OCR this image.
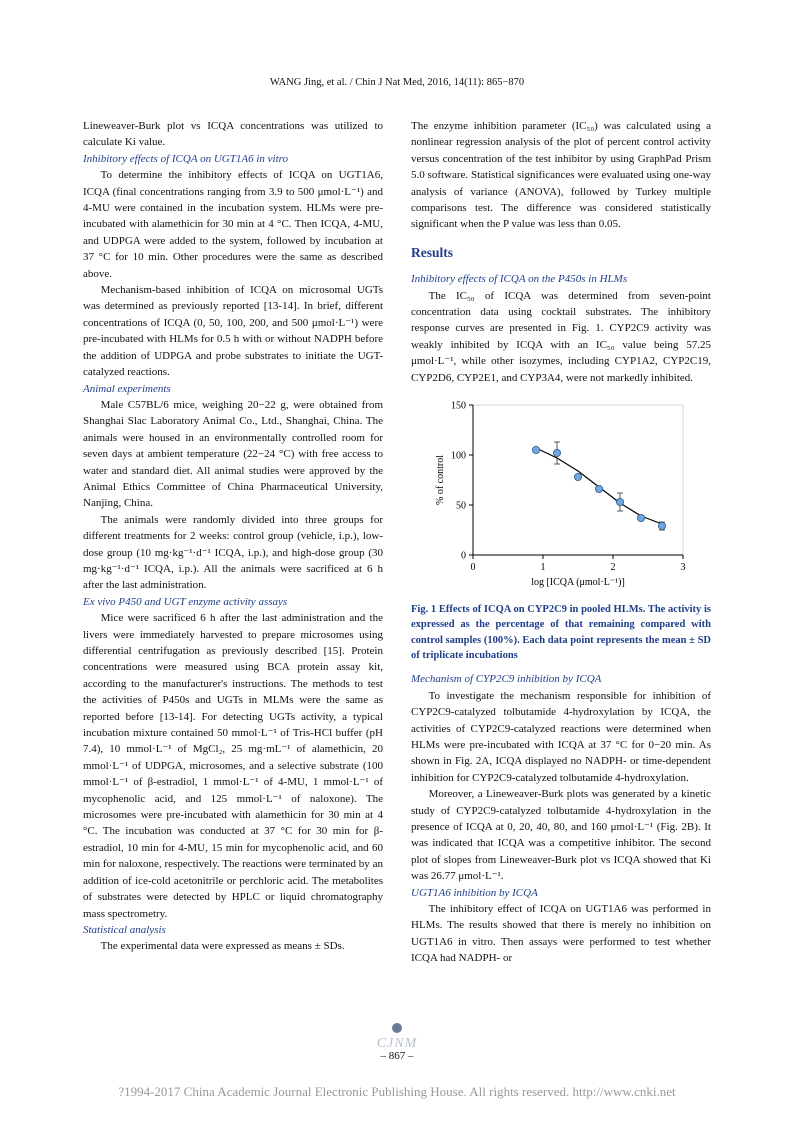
WANG Jing, et al. / Chin J Nat Med, 2016, 14(11): 865−870

Lineweaver-Burk plot vs ICQA concentrations was utilized to calculate Ki value.

Inhibitory effects of ICQA on UGT1A6 in vitro

To determine the inhibitory effects of ICQA on UGT1A6, ICQA (final concentrations ranging from 3.9 to 500 μmol·L⁻¹) and 4-MU were contained in the incubation system. HLMs were pre-incubated with alamethicin for 30 min at 4 °C. Then ICQA, 4-MU, and UDPGA were added to the system, followed by incubation at 37 °C for 10 min. Other procedures were the same as described above.

Mechanism-based inhibition of ICQA on microsomal UGTs was determined as previously reported [13-14]. In brief, different concentrations of ICQA (0, 50, 100, 200, and 500 μmol·L⁻¹) were pre-incubated with HLMs for 0.5 h with or without NADPH before the addition of UDPGA and probe substrates to initiate the UGT-catalyzed reactions.

Animal experiments

Male C57BL/6 mice, weighing 20−22 g, were obtained from Shanghai Slac Laboratory Animal Co., Ltd., Shanghai, China. The animals were housed in an environmentally controlled room for seven days at ambient temperature (22−24 °C) with free access to water and standard diet. All animal studies were approved by the Animal Ethics Committee of China Pharmaceutical University, Nanjing, China.

The animals were randomly divided into three groups for different treatments for 2 weeks: control group (vehicle, i.p.), low-dose group (10 mg·kg⁻¹·d⁻¹ ICQA, i.p.), and high-dose group (30 mg·kg⁻¹·d⁻¹ ICQA, i.p.). All the animals were sacrificed at 6 h after the last administration.

Ex vivo P450 and UGT enzyme activity assays

Mice were sacrificed 6 h after the last administration and the livers were immediately harvested to prepare microsomes using differential centrifugation as previously described [15]. Protein concentrations were measured using BCA protein assay kit, according to the manufacturer's instructions. The methods to test the activities of P450s and UGTs in MLMs were the same as reported before [13-14]. For detecting UGTs activity, a typical incubation mixture contained 50 mmol·L⁻¹ of Tris-HCl buffer (pH 7.4), 10 mmol·L⁻¹ of MgCl₂, 25 mg·mL⁻¹ of alamethicin, 20 mmol·L⁻¹ of UDPGA, microsomes, and a selective substrate (100 mmol·L⁻¹ of β-estradiol, 1 mmol·L⁻¹ of 4-MU, 1 mmol·L⁻¹ of mycophenolic acid, and 125 mmol·L⁻¹ of naloxone). The microsomes were pre-incubated with alamethicin for 30 min at 4 °C. The incubation was conducted at 37 °C for 30 min for β-estradiol, 10 min for 4-MU, 15 min for mycophenolic acid, and 60 min for naloxone, respectively. The reactions were terminated by an addition of ice-cold acetonitrile or perchloric acid. The metabolites of substrates were detected by HPLC or liquid chromatography mass spectrometry.

Statistical analysis

The experimental data were expressed as means ± SDs.

The enzyme inhibition parameter (IC₅₀) was calculated using a nonlinear regression analysis of the plot of percent control activity versus concentration of the test inhibitor by using GraphPad Prism 5.0 software. Statistical significances were evaluated using one-way analysis of variance (ANOVA), followed by Turkey multiple comparisons test. The difference was considered statistically significant when the P value was less than 0.05.

Results

Inhibitory effects of ICQA on the P450s in HLMs

The IC₅₀ of ICQA was determined from seven-point concentration data using cocktail substrates. The inhibitory response curves are presented in Fig. 1. CYP2C9 activity was weakly inhibited by ICQA with an IC₅₀ value being 57.25 μmol·L⁻¹, while other isozymes, including CYP1A2, CYP2C19, CYP2D6, CYP2E1, and CYP3A4, were not markedly inhibited.

0
50
100
150
0	1	2	3
log [ICQA (μmol·L⁻¹)]
% of control

Fig. 1 Effects of ICQA on CYP2C9 in pooled HLMs. The activity is expressed as the percentage of that remaining compared with control samples (100%). Each data point represents the mean ± SD of triplicate incubations

Mechanism of CYP2C9 inhibition by ICQA

To investigate the mechanism responsible for inhibition of CYP2C9-catalyzed tolbutamide 4-hydroxylation by ICQA, the activities of CYP2C9-catalyzed reactions were determined when HLMs were pre-incubated with ICQA at 37 °C for 0−20 min. As shown in Fig. 2A, ICQA displayed no NADPH- or time-dependent inhibition for CYP2C9-catalyzed tolbutamide 4-hydroxylation.

Moreover, a Lineweaver-Burk plots was generated by a kinetic study of CYP2C9-catalyzed tolbutamide 4-hydroxylation in the presence of ICQA at 0, 20, 40, 80, and 160 μmol·L⁻¹ (Fig. 2B). It was indicated that ICQA was a competitive inhibitor. The second plot of slopes from Lineweaver-Burk plot vs ICQA showed that Ki was 26.77 μmol·L⁻¹.

UGT1A6 inhibition by ICQA

The inhibitory effect of ICQA on UGT1A6 was performed in HLMs. The results showed that there is merely no inhibition on UGT1A6 in vitro. Then assays were performed to test whether ICQA had NADPH- or

CJNM
– 867 –
?1994-2017 China Academic Journal Electronic Publishing House. All rights reserved. http://www.cnki.net
